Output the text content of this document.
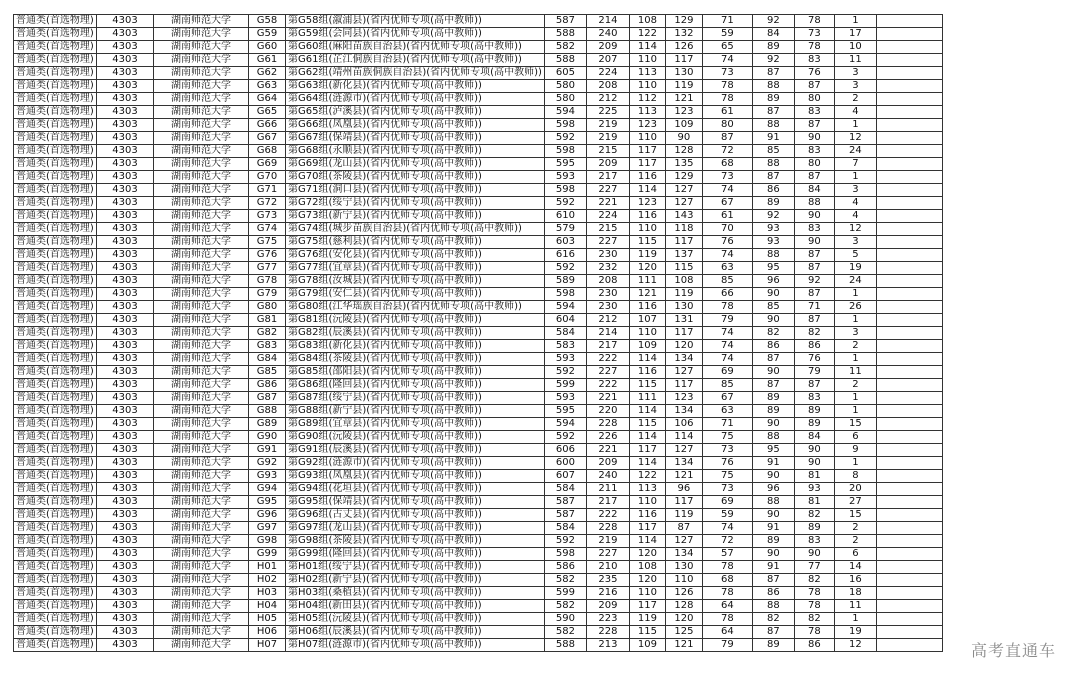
普通类(首选物理)	4303	湖南师范大学	G58	第G58组(溆浦县)(省内优师专项(高中教师))	587	214	108	129	71	92	78	1	
普通类(首选物理)	4303	湖南师范大学	G59	第G59组(会同县)(省内优师专项(高中教师))	588	240	122	132	59	84	73	17	
普通类(首选物理)	4303	湖南师范大学	G60	第G60组(麻阳苗族自治县)(省内优师专项(高中教师))	582	209	114	126	65	89	78	10	
普通类(首选物理)	4303	湖南师范大学	G61	第G61组(芷江侗族自治县)(省内优师专项(高中教师))	588	207	110	117	74	92	83	11	
普通类(首选物理)	4303	湖南师范大学	G62	第G62组(靖州苗族侗族自治县)(省内优师专项(高中教师))	605	224	113	130	73	87	76	3	
普通类(首选物理)	4303	湖南师范大学	G63	第G63组(新化县)(省内优师专项(高中教师))	580	208	110	119	78	88	87	3	
普通类(首选物理)	4303	湖南师范大学	G64	第G64组(涟源市)(省内优师专项(高中教师))	580	212	112	121	78	89	80	2	
普通类(首选物理)	4303	湖南师范大学	G65	第G65组(泸溪县)(省内优师专项(高中教师))	594	225	113	123	61	87	83	4	
普通类(首选物理)	4303	湖南师范大学	G66	第G66组(凤凰县)(省内优师专项(高中教师))	598	219	123	109	80	88	87	1	
普通类(首选物理)	4303	湖南师范大学	G67	第G67组(保靖县)(省内优师专项(高中教师))	592	219	110	90	87	91	90	12	
普通类(首选物理)	4303	湖南师范大学	G68	第G68组(永顺县)(省内优师专项(高中教师))	598	215	117	128	72	85	83	24	
普通类(首选物理)	4303	湖南师范大学	G69	第G69组(龙山县)(省内优师专项(高中教师))	595	209	117	135	68	88	80	7	
普通类(首选物理)	4303	湖南师范大学	G70	第G70组(茶陵县)(省内优师专项(高中教师))	593	217	116	129	73	87	87	1	
普通类(首选物理)	4303	湖南师范大学	G71	第G71组(洞口县)(省内优师专项(高中教师))	598	227	114	127	74	86	84	3	
普通类(首选物理)	4303	湖南师范大学	G72	第G72组(绥宁县)(省内优师专项(高中教师))	592	221	123	127	67	89	88	4	
普通类(首选物理)	4303	湖南师范大学	G73	第G73组(新宁县)(省内优师专项(高中教师))	610	224	116	143	61	92	90	4	
普通类(首选物理)	4303	湖南师范大学	G74	第G74组(城步苗族自治县)(省内优师专项(高中教师))	579	215	110	118	70	93	83	12	
普通类(首选物理)	4303	湖南师范大学	G75	第G75组(慈利县)(省内优师专项(高中教师))	603	227	115	117	76	93	90	3	
普通类(首选物理)	4303	湖南师范大学	G76	第G76组(安化县)(省内优师专项(高中教师))	616	230	119	137	74	88	87	5	
普通类(首选物理)	4303	湖南师范大学	G77	第G77组(宜章县)(省内优师专项(高中教师))	592	232	120	115	63	95	87	19	
普通类(首选物理)	4303	湖南师范大学	G78	第G78组(汝城县)(省内优师专项(高中教师))	589	208	111	108	85	96	92	24	
普通类(首选物理)	4303	湖南师范大学	G79	第G79组(安仁县)(省内优师专项(高中教师))	598	230	121	119	66	90	87	1	
普通类(首选物理)	4303	湖南师范大学	G80	第G80组(江华瑶族自治县)(省内优师专项(高中教师))	594	230	116	130	78	85	71	26	
普通类(首选物理)	4303	湖南师范大学	G81	第G81组(沅陵县)(省内优师专项(高中教师))	604	212	107	131	79	90	87	1	
普通类(首选物理)	4303	湖南师范大学	G82	第G82组(辰溪县)(省内优师专项(高中教师))	584	214	110	117	74	82	82	3	
普通类(首选物理)	4303	湖南师范大学	G83	第G83组(新化县)(省内优师专项(高中教师))	583	217	109	120	74	86	86	2	
普通类(首选物理)	4303	湖南师范大学	G84	第G84组(茶陵县)(省内优师专项(高中教师))	593	222	114	134	74	87	76	1	
普通类(首选物理)	4303	湖南师范大学	G85	第G85组(邵阳县)(省内优师专项(高中教师))	592	227	116	127	69	90	79	11	
普通类(首选物理)	4303	湖南师范大学	G86	第G86组(隆回县)(省内优师专项(高中教师))	599	222	115	117	85	87	87	2	
普通类(首选物理)	4303	湖南师范大学	G87	第G87组(绥宁县)(省内优师专项(高中教师))	593	221	111	123	67	89	83	1	
普通类(首选物理)	4303	湖南师范大学	G88	第G88组(新宁县)(省内优师专项(高中教师))	595	220	114	134	63	89	89	1	
普通类(首选物理)	4303	湖南师范大学	G89	第G89组(宜章县)(省内优师专项(高中教师))	594	228	115	106	71	90	89	15	
普通类(首选物理)	4303	湖南师范大学	G90	第G90组(沅陵县)(省内优师专项(高中教师))	592	226	114	114	75	88	84	6	
普通类(首选物理)	4303	湖南师范大学	G91	第G91组(辰溪县)(省内优师专项(高中教师))	606	221	117	127	73	95	90	9	
普通类(首选物理)	4303	湖南师范大学	G92	第G92组(涟源市)(省内优师专项(高中教师))	600	209	114	134	76	91	90	1	
普通类(首选物理)	4303	湖南师范大学	G93	第G93组(凤凰县)(省内优师专项(高中教师))	607	240	122	121	75	90	81	8	
普通类(首选物理)	4303	湖南师范大学	G94	第G94组(花垣县)(省内优师专项(高中教师))	584	211	113	96	73	96	93	20	
普通类(首选物理)	4303	湖南师范大学	G95	第G95组(保靖县)(省内优师专项(高中教师))	587	217	110	117	69	88	81	27	
普通类(首选物理)	4303	湖南师范大学	G96	第G96组(古丈县)(省内优师专项(高中教师))	587	222	116	119	59	90	82	15	
普通类(首选物理)	4303	湖南师范大学	G97	第G97组(龙山县)(省内优师专项(高中教师))	584	228	117	87	74	91	89	2	
普通类(首选物理)	4303	湖南师范大学	G98	第G98组(茶陵县)(省内优师专项(高中教师))	592	219	114	127	72	89	83	2	
普通类(首选物理)	4303	湖南师范大学	G99	第G99组(隆回县)(省内优师专项(高中教师))	598	227	120	134	57	90	90	6	
普通类(首选物理)	4303	湖南师范大学	H01	第H01组(绥宁县)(省内优师专项(高中教师))	586	210	108	130	78	91	77	14	
普通类(首选物理)	4303	湖南师范大学	H02	第H02组(新宁县)(省内优师专项(高中教师))	582	235	120	110	68	87	82	16	
普通类(首选物理)	4303	湖南师范大学	H03	第H03组(桑植县)(省内优师专项(高中教师))	599	216	110	126	78	86	78	18	
普通类(首选物理)	4303	湖南师范大学	H04	第H04组(新田县)(省内优师专项(高中教师))	582	209	117	128	64	88	78	11	
普通类(首选物理)	4303	湖南师范大学	H05	第H05组(沅陵县)(省内优师专项(高中教师))	590	223	119	120	78	82	82	1	
普通类(首选物理)	4303	湖南师范大学	H06	第H06组(辰溪县)(省内优师专项(高中教师))	582	228	115	125	64	87	78	19	
普通类(首选物理)	4303	湖南师范大学	H07	第H07组(涟源市)(省内优师专项(高中教师))	588	213	109	121	79	89	86	12		高考直通车
